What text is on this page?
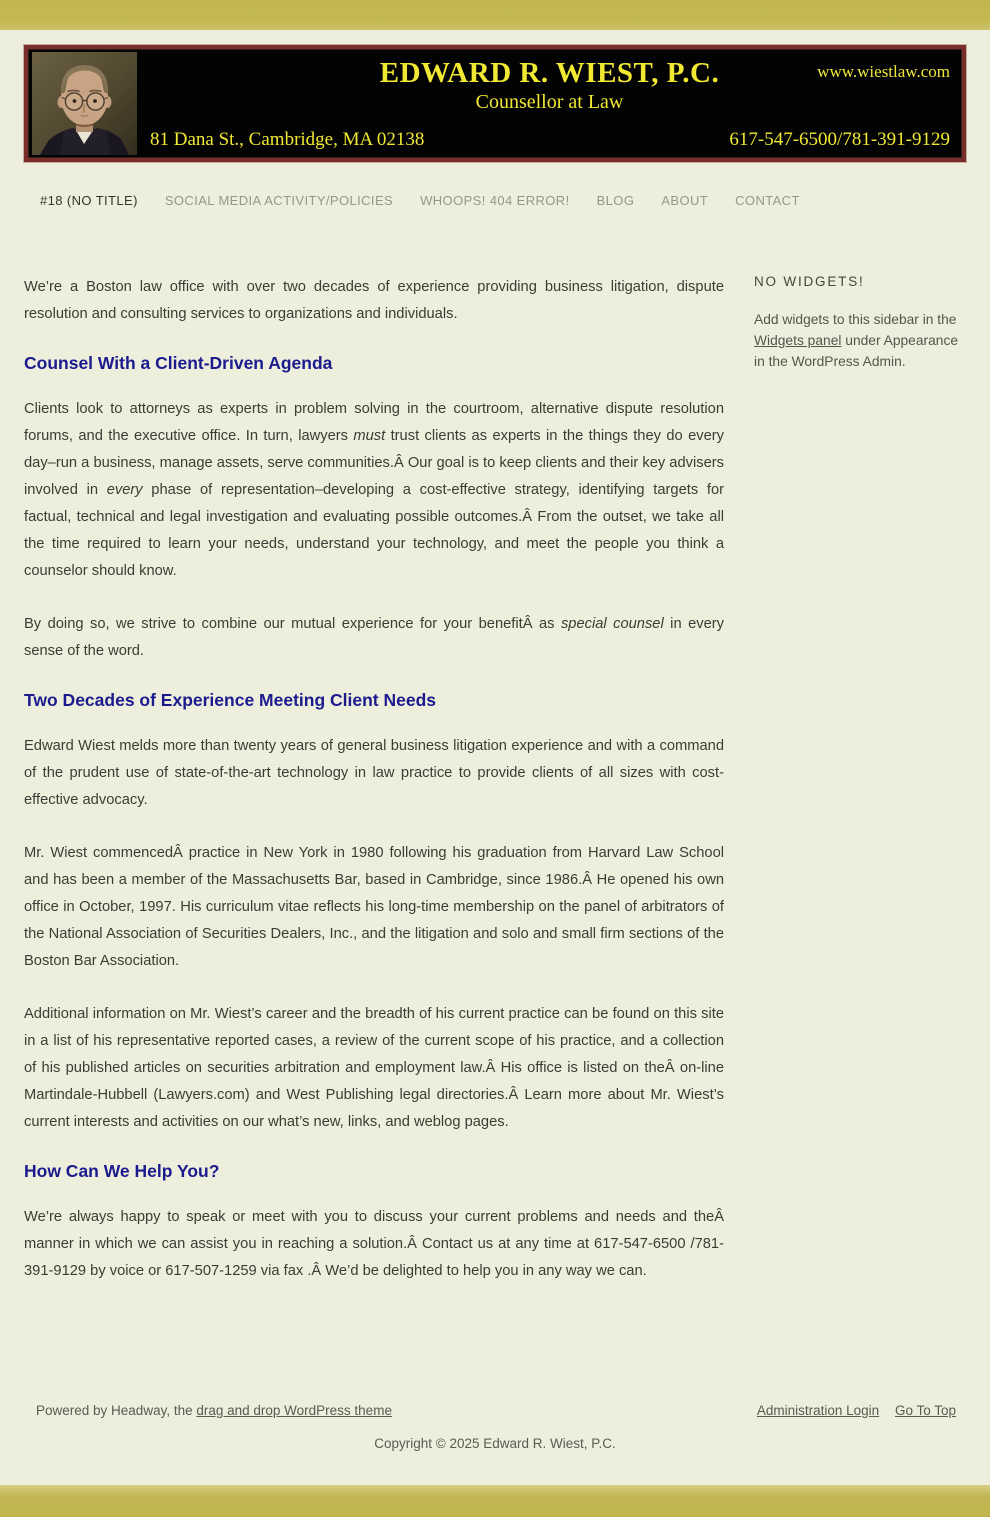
EDWARD R. WIEST, P.C.
Counsellor at Law
www.wiestlaw.com
81 Dana St., Cambridge, MA 02138	617-547-6500/781-391-9129
#18 (NO TITLE) SOCIAL MEDIA ACTIVITY/POLICIES WHOOPS! 404 ERROR! BLOG ABOUT CONTACT

We’re a Boston law office with over two decades of experience providing business litigation, dispute resolution and consulting services to organizations and individuals.

Counsel With a Client-Driven Agenda

Clients look to attorneys as experts in problem solving in the courtroom, alternative dispute resolution forums, and the executive office. In turn, lawyers must trust clients as experts in the things they do every day–run a business, manage assets, serve communities.Â Our goal is to keep clients and their key advisers involved in every phase of representation–developing a cost-effective strategy, identifying targets for factual, technical and legal investigation and evaluating possible outcomes.Â From the outset, we take all the time required to learn your needs, understand your technology, and meet the people you think a counselor should know.

By doing so, we strive to combine our mutual experience for your benefitÂ as special counsel in every sense of the word.

Two Decades of Experience Meeting Client Needs

Edward Wiest melds more than twenty years of general business litigation experience and with a command of the prudent use of state-of-the-art technology in law practice to provide clients of all sizes with cost-effective advocacy.

Mr. Wiest commencedÂ practice in New York in 1980 following his graduation from Harvard Law School and has been a member of the Massachusetts Bar, based in Cambridge, since 1986.Â He opened his own office in October, 1997. His curriculum vitae reflects his long-time membership on the panel of arbitrators of the National Association of Securities Dealers, Inc., and the litigation and solo and small firm sections of the Boston Bar Association.

Additional information on Mr. Wiest’s career and the breadth of his current practice can be found on this site in a list of his representative reported cases, a review of the current scope of his practice, and a collection of his published articles on securities arbitration and employment law.Â His office is listed on theÂ on-line Martindale-Hubbell (Lawyers.com) and West Publishing legal directories.Â Learn more about Mr. Wiest’s current interests and activities on our what’s new, links, and weblog pages.

How Can We Help You?

We’re always happy to speak or meet with you to discuss your current problems and needs and theÂ manner in which we can assist you in reaching a solution.Â Contact us at any time at 617-547-6500 /781-391-9129 by voice or 617-507-1259 via fax .Â We’d be delighted to help you in any way we can.

NO WIDGETS!

Add widgets to this sidebar in the Widgets panel under Appearance in the WordPress Admin.

Powered by Headway, the drag and drop WordPress theme	Administration Login Go To Top
Copyright © 2025 Edward R. Wiest, P.C.
